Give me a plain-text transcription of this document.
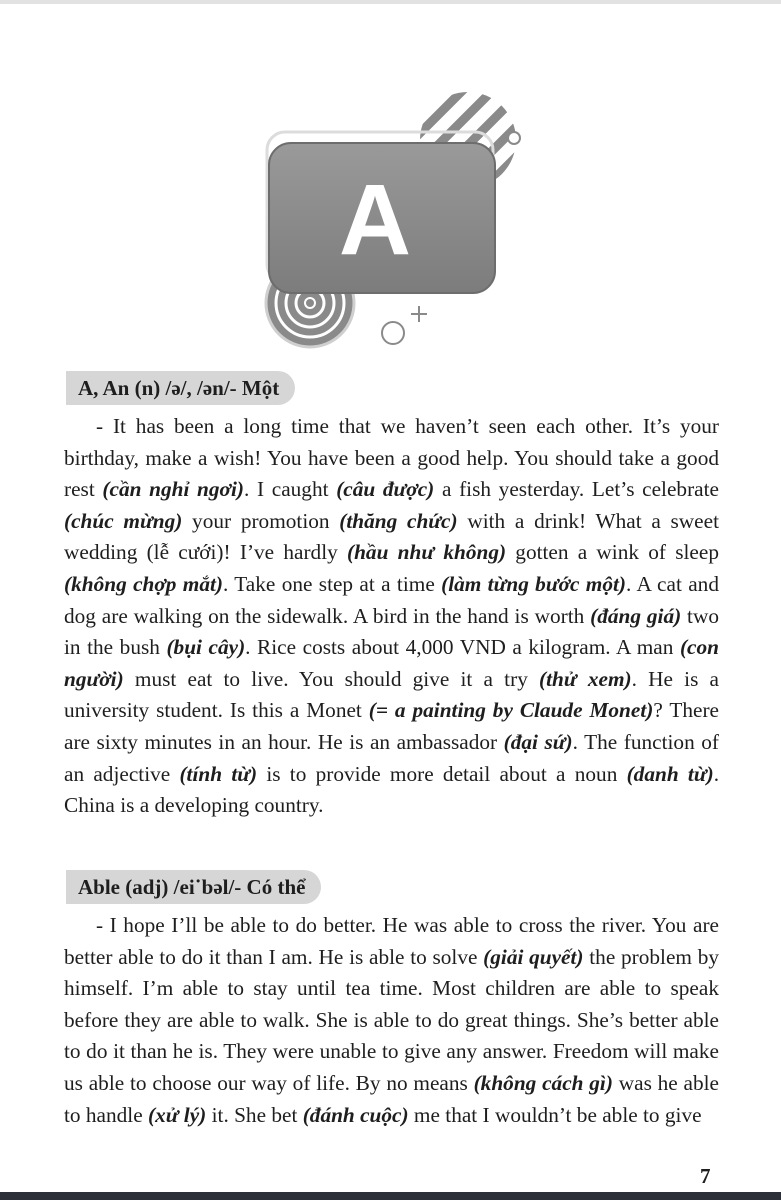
A
A, An (n) /ə/, /ən/- Một

- It has been a long time that we haven’t seen each other. It’s your birthday, make a wish! You have been a good help. You should take a good rest (cần nghỉ ngơi). I caught (câu được) a fish yesterday. Let’s celebrate (chúc mừng) your promotion (thăng chức) with a drink! What a sweet wedding (lễ cưới)! I’ve hardly (hầu như không) gotten a wink of sleep (không chợp mắt). Take one step at a time (làm từng bước một). A cat and dog are walking on the sidewalk. A bird in the hand is worth (đáng giá) two in the bush (bụi cây). Rice costs about 4,000 VND a kilogram. A man (con người) must eat to live. You should give it a try (thử xem). He is a university student. Is this a Monet (= a painting by Claude Monet)? There are sixty minutes in an hour. He is an ambassador (đại sứ). The function of an adjective (tính từ) is to provide more detail about a noun (danh từ). China is a developing country.

Able (adj) /ei˙bəl/- Có thể

- I hope I’ll be able to do better. He was able to cross the river. You are better able to do it than I am. He is able to solve (giải quyết) the problem by himself. I’m able to stay until tea time. Most children are able to speak before they are able to walk. She is able to do great things. She’s better able to do it than he is. They were unable to give any answer. Freedom will make us able to choose our way of life. By no means (không cách gì) was he able to handle (xử lý) it. She bet (đánh cuộc) me that I wouldn’t be able to give

7
